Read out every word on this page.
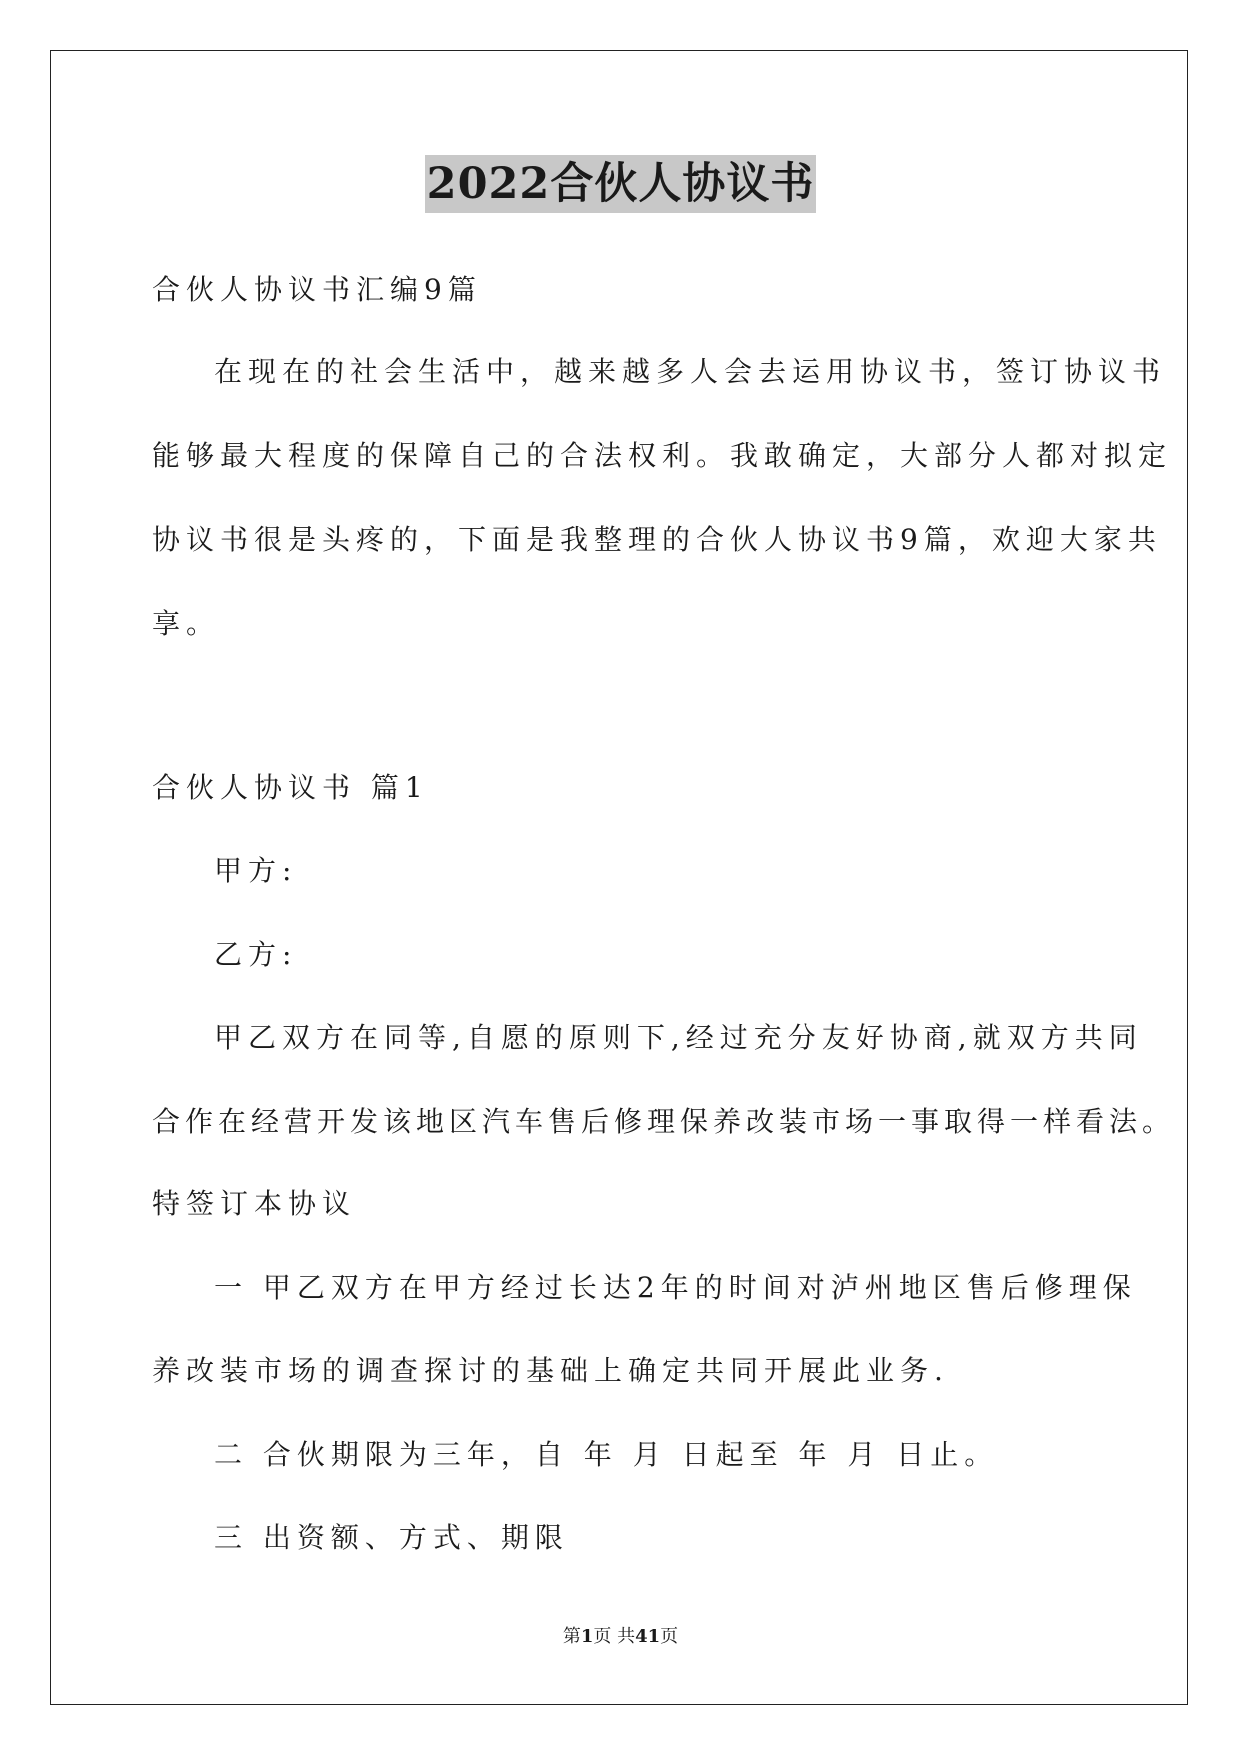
2022合伙人协议书
合伙人协议书汇编9篇
在现在的社会生活中，越来越多人会去运用协议书，签订协议书
能够最大程度的保障自己的合法权利。我敢确定，大部分人都对拟定
协议书很是头疼的，下面是我整理的合伙人协议书9篇，欢迎大家共
享。
合伙人协议书 篇1
甲方:
乙方:
甲乙双方在同等,自愿的原则下,经过充分友好协商,就双方共同
合作在经营开发该地区汽车售后修理保养改装市场一事取得一样看法。
特签订本协议
一 甲乙双方在甲方经过长达2年的时间对泸州地区售后修理保
养改装市场的调查探讨的基础上确定共同开展此业务.
二 合伙期限为三年，自 年 月 日起至 年 月 日止。
三 出资额、方式、期限
第1页 共41页
